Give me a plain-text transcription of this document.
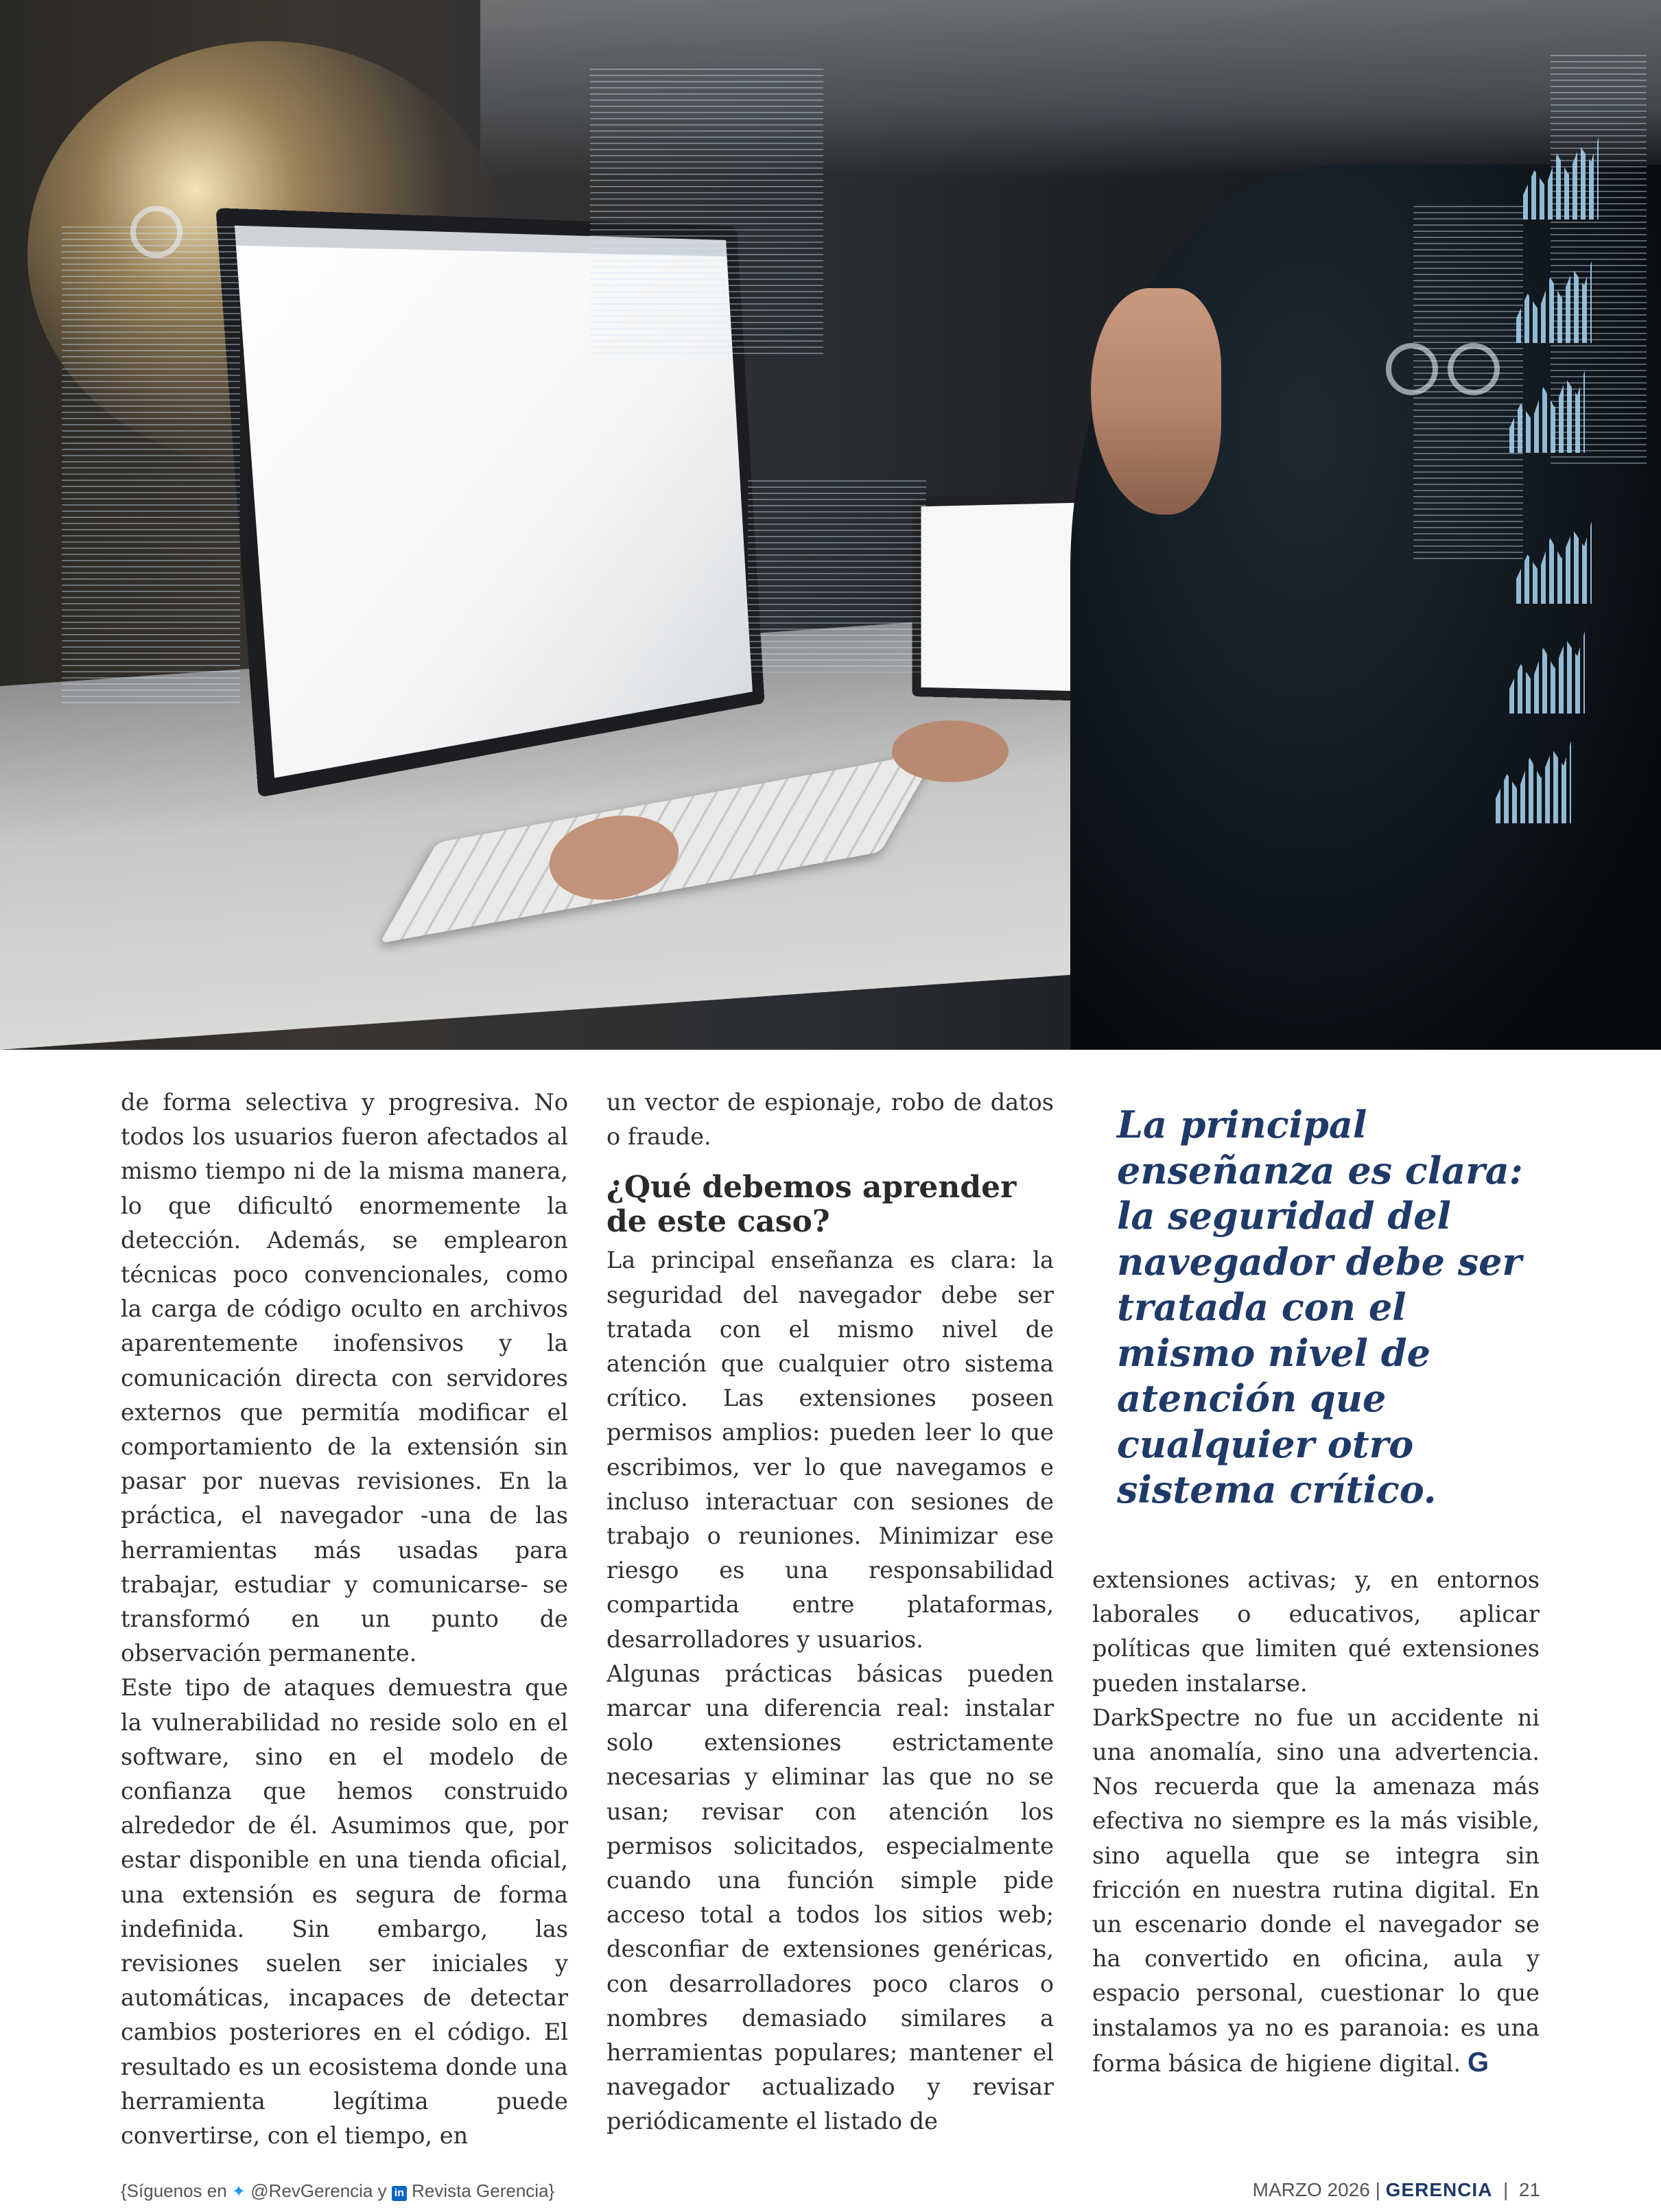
de forma selectiva y progresiva. No todos los usuarios fueron afectados al mismo tiempo ni de la misma manera, lo que dificultó enormemente la detección. Además, se emplearon técnicas poco convencionales, como la carga de código oculto en archivos aparentemente inofensivos y la comunicación directa con servidores externos que permitía modificar el comportamiento de la extensión sin pasar por nuevas revisiones. En la práctica, el navegador -una de las herramientas más usadas para trabajar, estudiar y comunicarse- se transformó en un punto de observación permanente.

Este tipo de ataques demuestra que la vulnerabilidad no reside solo en el software, sino en el modelo de confianza que hemos construido alrededor de él. Asumimos que, por estar disponible en una tienda oficial, una extensión es segura de forma indefinida. Sin embargo, las revisiones suelen ser iniciales y automáticas, incapaces de detectar cambios posteriores en el código. El resultado es un ecosistema donde una herramienta legítima puede convertirse, con el tiempo, en

un vector de espionaje, robo de datos o fraude.

¿Qué debemos aprender de este caso?

La principal enseñanza es clara: la seguridad del navegador debe ser tratada con el mismo nivel de atención que cualquier otro sistema crítico. Las extensiones poseen permisos amplios: pueden leer lo que escribimos, ver lo que navegamos e incluso interactuar con sesiones de trabajo o reuniones. Minimizar ese riesgo es una responsabilidad compartida entre plataformas, desarrolladores y usuarios.

Algunas prácticas básicas pueden marcar una diferencia real: instalar solo extensiones estrictamente necesarias y eliminar las que no se usan; revisar con atención los permisos solicitados, especialmente cuando una función simple pide acceso total a todos los sitios web; desconfiar de extensiones genéricas, con desarrolladores poco claros o nombres demasiado similares a herramientas populares; mantener el navegador actualizado y revisar periódicamente el listado de

La principal enseñanza es clara: la seguridad del navegador debe ser tratada con el mismo nivel de atención que cualquier otro sistema crítico.

extensiones activas; y, en entornos laborales o educativos, aplicar políticas que limiten qué extensiones pueden instalarse.

DarkSpectre no fue un accidente ni una anomalía, sino una advertencia. Nos recuerda que la amenaza más efectiva no siempre es la más visible, sino aquella que se integra sin fricción en nuestra rutina digital. En un escenario donde el navegador se ha convertido en oficina, aula y espacio personal, cuestionar lo que instalamos ya no es paranoia: es una forma básica de higiene digital. G

{Síguenos en ✦ @RevGerencia y in Revista Gerencia}	MARZO 2026 | GERENCIA | 21
